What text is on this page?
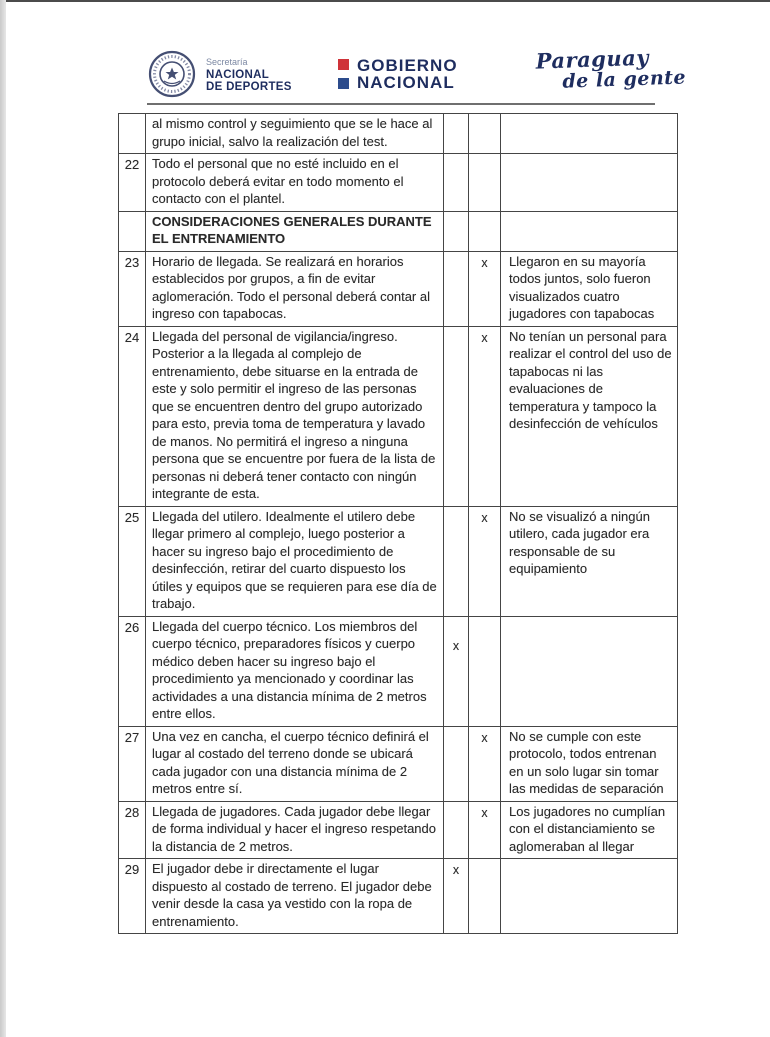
Secretaría
NACIONAL
DE DEPORTES
GOBIERNO
NACIONAL
Paraguay
de la gente
	al mismo control y seguimiento que se le hace al grupo inicial, salvo la realización del test.			
22	Todo el personal que no esté incluido en el protocolo deberá evitar en todo momento el contacto con el plantel.			
	CONSIDERACIONES GENERALES DURANTE EL ENTRENAMIENTO			
23	Horario de llegada. Se realizará en horarios establecidos por grupos, a fin de evitar aglomeración. Todo el personal deberá contar al ingreso con tapabocas.		x	Llegaron en su mayoría todos juntos, solo fueron visualizados cuatro jugadores con tapabocas
24	Llegada del personal de vigilancia/ingreso. Posterior a la llegada al complejo de entrenamiento, debe situarse en la entrada de este y solo permitir el ingreso de las personas que se encuentren dentro del grupo autorizado para esto, previa toma de temperatura y lavado de manos. No permitirá el ingreso a ninguna persona que se encuentre por fuera de la lista de personas ni deberá tener contacto con ningún integrante de esta.		x	No tenían un personal para realizar el control del uso de tapabocas ni las evaluaciones de temperatura y tampoco la desinfección de vehículos
25	Llegada del utilero. Idealmente el utilero debe llegar primero al complejo, luego posterior a hacer su ingreso bajo el procedimiento de desinfección, retirar del cuarto dispuesto los útiles y equipos que se requieren para ese día de trabajo.		x	No se visualizó a ningún utilero, cada jugador era responsable de su equipamiento
26	Llegada del cuerpo técnico. Los miembros del cuerpo técnico, preparadores físicos y cuerpo médico deben hacer su ingreso bajo el procedimiento ya mencionado y coordinar las actividades a una distancia mínima de 2 metros entre ellos.	x		
27	Una vez en cancha, el cuerpo técnico definirá el lugar al costado del terreno donde se ubicará cada jugador con una distancia mínima de 2 metros entre sí.		x	No se cumple con este protocolo, todos entrenan en un solo lugar sin tomar las medidas de separación
28	Llegada de jugadores. Cada jugador debe llegar de forma individual y hacer el ingreso respetando la distancia de 2 metros.		x	Los jugadores no cumplían con el distanciamiento se aglomeraban al llegar
29	El jugador debe ir directamente el lugar dispuesto al costado de terreno. El jugador debe venir desde la casa ya vestido con la ropa de entrenamiento.	x		
